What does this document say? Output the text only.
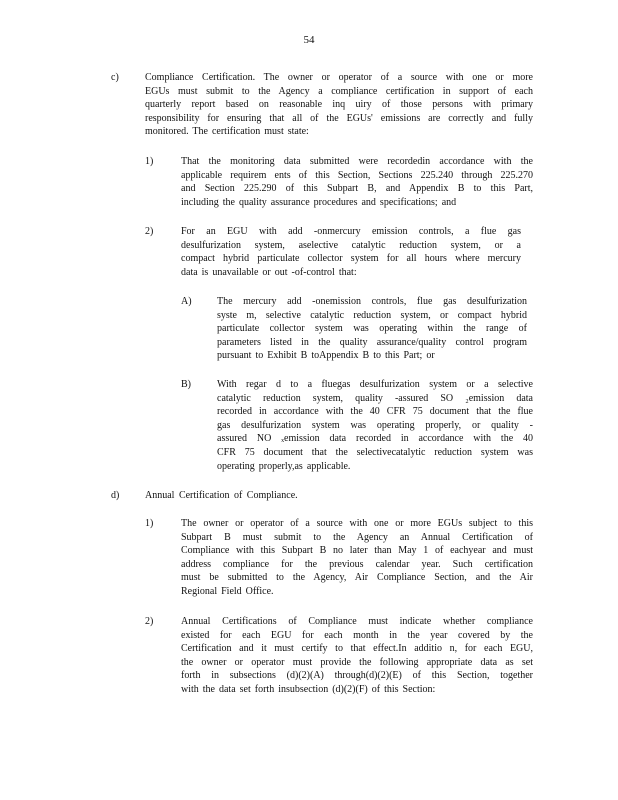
54
c)	Compliance Certification. The owner or operator of a source with one or more
EGUs must submit to the Agency a compliance certification in support of each
quarterly report based on reasonable inq uiry of those persons with primary
responsibility for ensuring that all of the EGUs' emissions are correctly and fully
monitored. The certification must state:
1)	That the monitoring data submitted were recordedin accordance with the
applicable requirem ents of this Section, Sections 225.240 through 225.270
and Section 225.290 of this Subpart B, and Appendix B to this Part,
including the quality assurance procedures and specifications; and
2)	For an EGU with add -onmercury emission controls, a flue gas
desulfurization system, aselective catalytic reduction system, or a
compact hybrid particulate collector system for all hours where mercury
data is unavailable or out -of-control that:
A)	The mercury add -onemission controls, flue gas desulfurization
syste m, selective catalytic reduction system, or compact hybrid
particulate collector system was operating within the range of
parameters listed in the quality assurance/quality control program
pursuant to Exhibit B toAppendix B to this Part; or
B)	With regar d to a fluegas desulfurization system or a selective
catalytic reduction system, quality -assured SO ₂emission data
recorded in accordance with the 40 CFR 75 document that the flue
gas desulfurization system was operating properly, or quality -
assured NO ₓemission data recorded in accordance with the 40
CFR 75 document that the selectivecatalytic reduction system was
operating properly,as applicable.
d)	Annual Certification of Compliance.
1)	The owner or operator of a source with one or more EGUs subject to this
Subpart B must submit to the Agency an Annual Certification of
Compliance with this Subpart B no later than May 1 of eachyear and must
address compliance for the previous calendar year. Such certification
must be submitted to the Agency, Air Compliance Section, and the Air
Regional Field Office.
2)	Annual Certifications of Compliance must indicate whether compliance
existed for each EGU for each month in the year covered by the
Certification and it must certify to that effect.In additio n, for each EGU,
the owner or operator must provide the following appropriate data as set
forth in subsections (d)(2)(A) through(d)(2)(E) of this Section, together
with the data set forth insubsection (d)(2)(F) of this Section:
